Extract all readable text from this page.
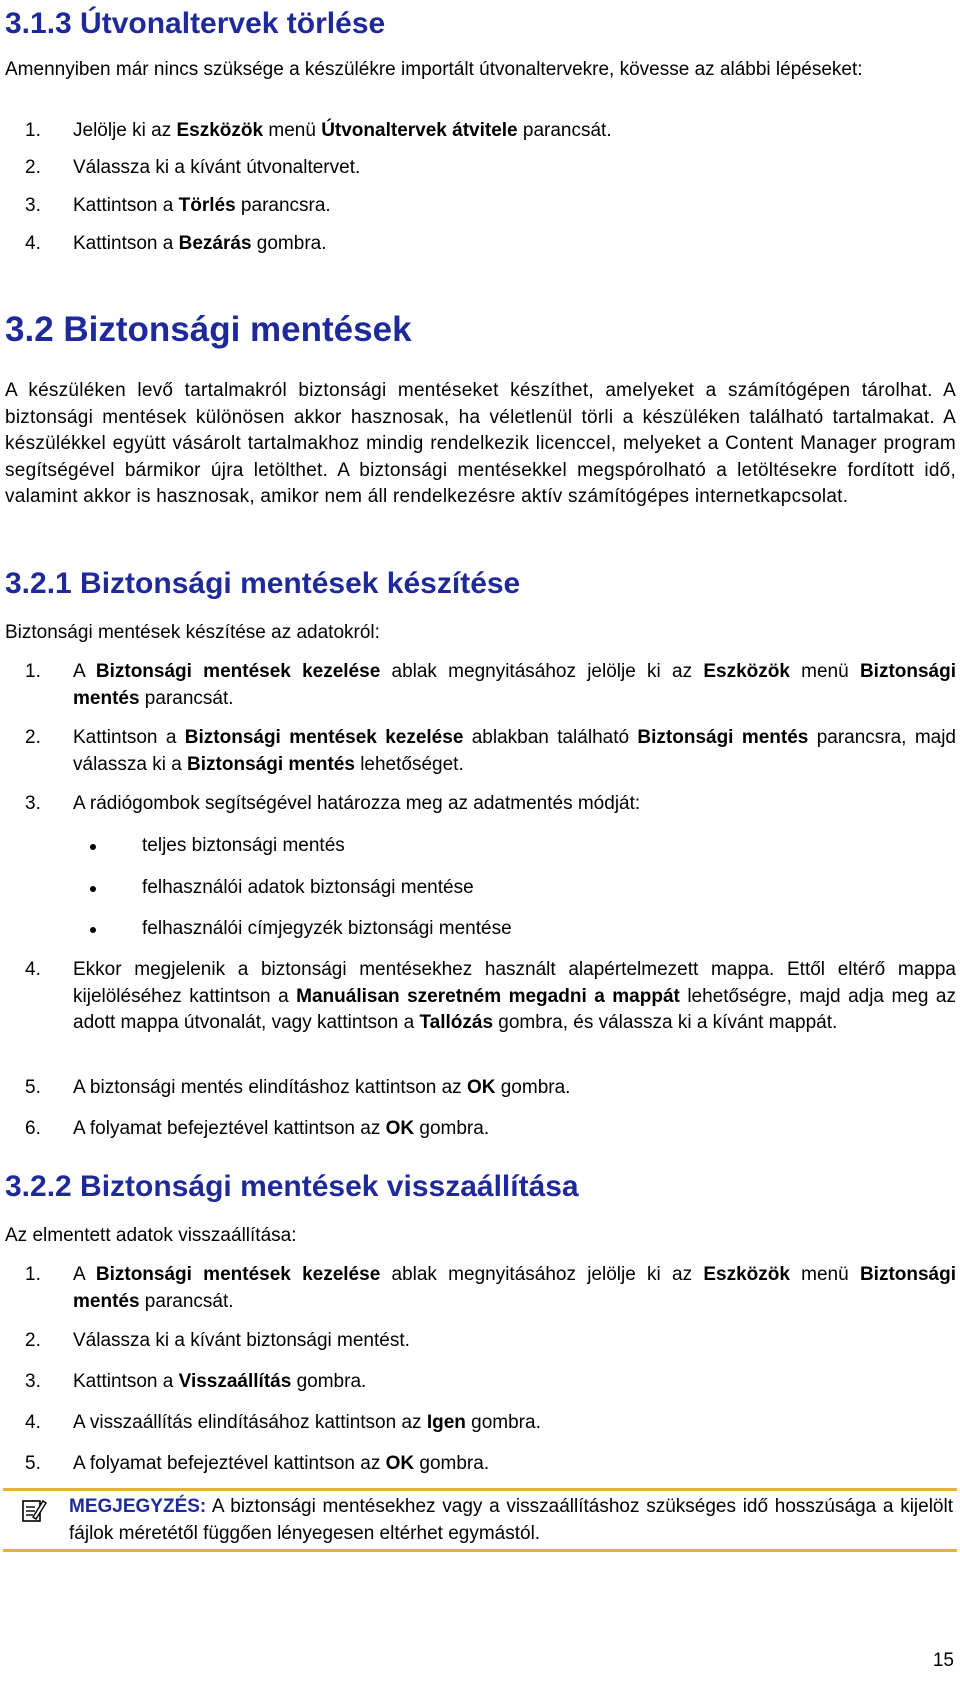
3.1.3 Útvonaltervek törlése

Amennyiben már nincs szüksége a készülékre importált útvonaltervekre, kövesse az alábbi lépéseket:

1. Jelölje ki az Eszközök menü Útvonaltervek átvitele parancsát.
2. Válassza ki a kívánt útvonaltervet.
3. Kattintson a Törlés parancsra.
4. Kattintson a Bezárás gombra.
3.2 Biztonsági mentések

A készüléken levő tartalmakról biztonsági mentéseket készíthet, amelyeket a számítógépen tárolhat. A biztonsági mentések különösen akkor hasznosak, ha véletlenül törli a készüléken található tartalmakat. A készülékkel együtt vásárolt tartalmakhoz mindig rendelkezik licenccel, melyeket a Content Manager program segítségével bármikor újra letölthet. A biztonsági mentésekkel megspórolható a letöltésekre fordított idő, valamint akkor is hasznosak, amikor nem áll rendelkezésre aktív számítógépes internetkapcsolat.

3.2.1 Biztonsági mentések készítése

Biztonsági mentések készítése az adatokról:

1. A Biztonsági mentések kezelése ablak megnyitásához jelölje ki az Eszközök menü Biztonsági mentés parancsát.
2. Kattintson a Biztonsági mentések kezelése ablakban található Biztonsági mentés parancsra, majd válassza ki a Biztonsági mentés lehetőséget.
3. A rádiógombok segítségével határozza meg az adatmentés módját:
teljes biztonsági mentés
felhasználói adatok biztonsági mentése
felhasználói címjegyzék biztonsági mentése
4. Ekkor megjelenik a biztonsági mentésekhez használt alapértelmezett mappa. Ettől eltérő mappa kijelöléséhez kattintson a Manuálisan szeretném megadni a mappát lehetőségre, majd adja meg az adott mappa útvonalát, vagy kattintson a Tallózás gombra, és válassza ki a kívánt mappát.
5. A biztonsági mentés elindításhoz kattintson az OK gombra.
6. A folyamat befejeztével kattintson az OK gombra.
3.2.2 Biztonsági mentések visszaállítása

Az elmentett adatok visszaállítása:

1. A Biztonsági mentések kezelése ablak megnyitásához jelölje ki az Eszközök menü Biztonsági mentés parancsát.
2. Válassza ki a kívánt biztonsági mentést.
3. Kattintson a Visszaállítás gombra.
4. A visszaállítás elindításához kattintson az Igen gombra.
5. A folyamat befejeztével kattintson az OK gombra.
MEGJEGYZÉS: A biztonsági mentésekhez vagy a visszaállításhoz szükséges idő hosszúsága a kijelölt fájlok méretétől függően lényegesen eltérhet egymástól.
15
